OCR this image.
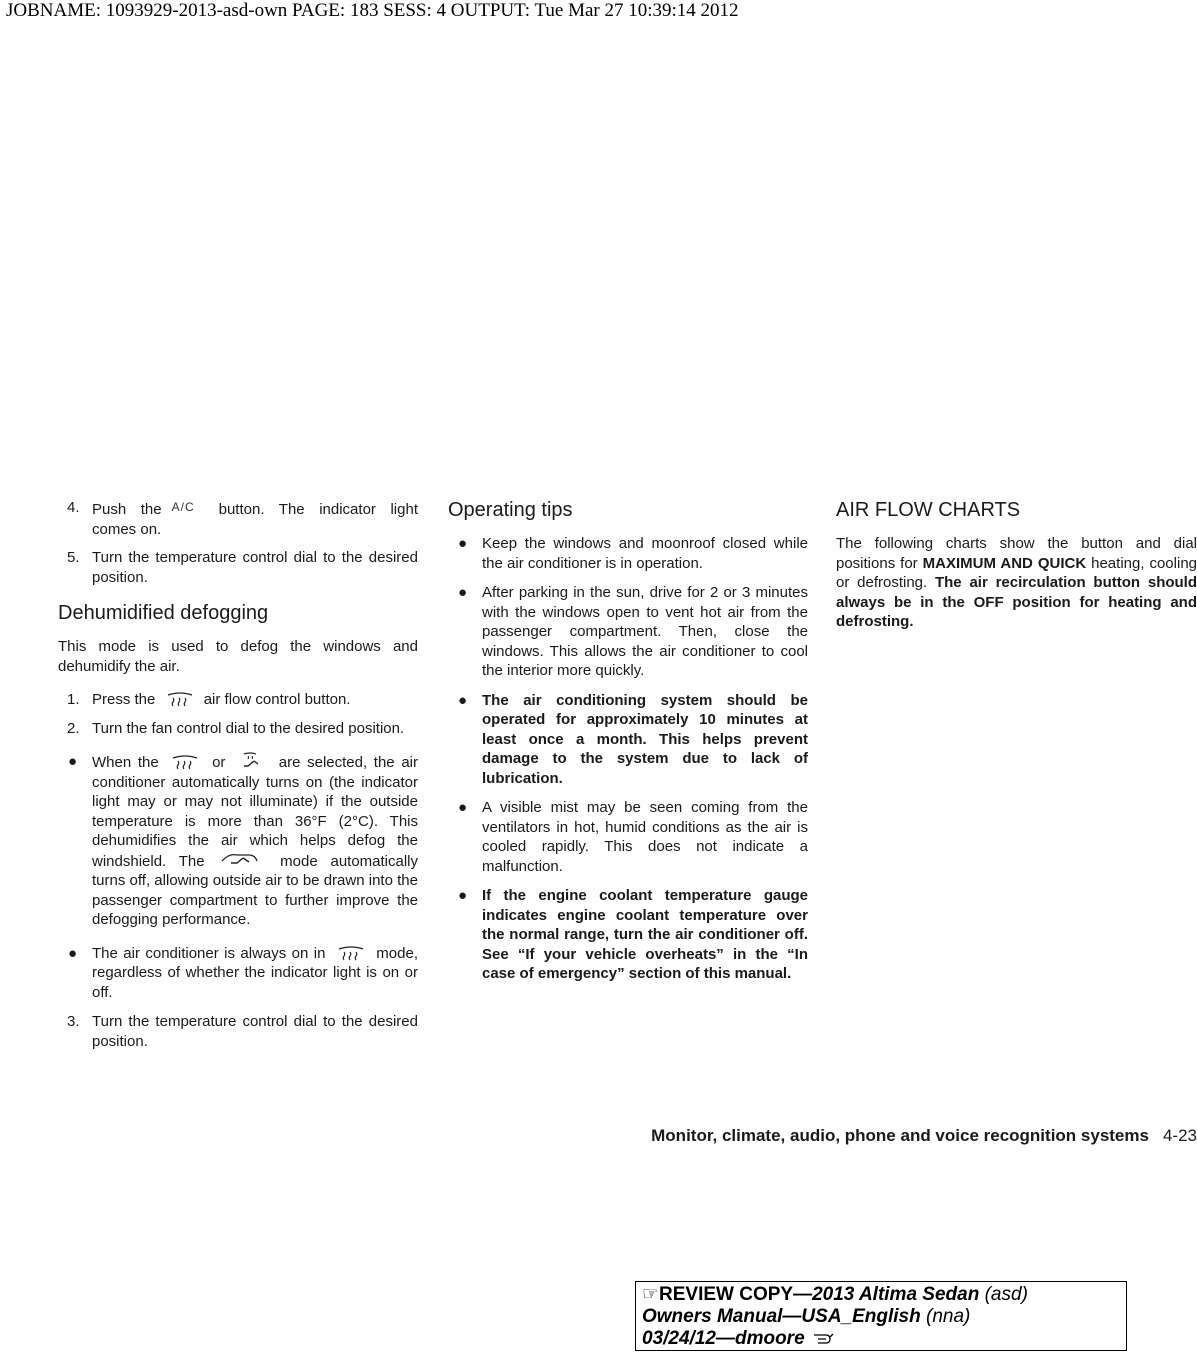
JOBNAME: 1093929-2013-asd-own PAGE: 183 SESS: 4 OUTPUT: Tue Mar 27 10:39:14 2012
4. Push the A/C button. The indicator light comes on.
5. Turn the temperature control dial to the desired position.
Dehumidified defogging
This mode is used to defog the windows and dehumidify the air.
1. Press the	air flow control button.
2. Turn the fan control dial to the desired position.
● When the	or	are selected, the air conditioner automatically turns on (the indicator light may or may not illuminate) if the outside temperature is more than 36°F (2°C). This dehumidifies the air which helps defog the windshield. The	mode automatically turns off, allowing outside air to be drawn into the passenger compartment to further improve the defogging performance.
● The air conditioner is always on in	mode, regardless of whether the indicator light is on or off.
3. Turn the temperature control dial to the desired position.
Operating tips
● Keep the windows and moonroof closed while the air conditioner is in operation.
● After parking in the sun, drive for 2 or 3 minutes with the windows open to vent hot air from the passenger compartment. Then, close the windows. This allows the air conditioner to cool the interior more quickly.
● The air conditioning system should be operated for approximately 10 minutes at least once a month. This helps prevent damage to the system due to lack of lubrication.
● A visible mist may be seen coming from the ventilators in hot, humid conditions as the air is cooled rapidly. This does not indicate a malfunction.
● If the engine coolant temperature gauge indicates engine coolant temperature over the normal range, turn the air conditioner off. See “If your vehicle overheats” in the “In case of emergency” section of this manual.
AIR FLOW CHARTS
The following charts show the button and dial positions for MAXIMUM AND QUICK heating, cooling or defrosting. The air recirculation button should always be in the OFF position for heating and defrosting.
Monitor, climate, audio, phone and voice recognition systems 4-23
☞REVIEW COPY—2013 Altima Sedan (asd)
Owners Manual—USA_English (nna)
03/24/12—dmoore
